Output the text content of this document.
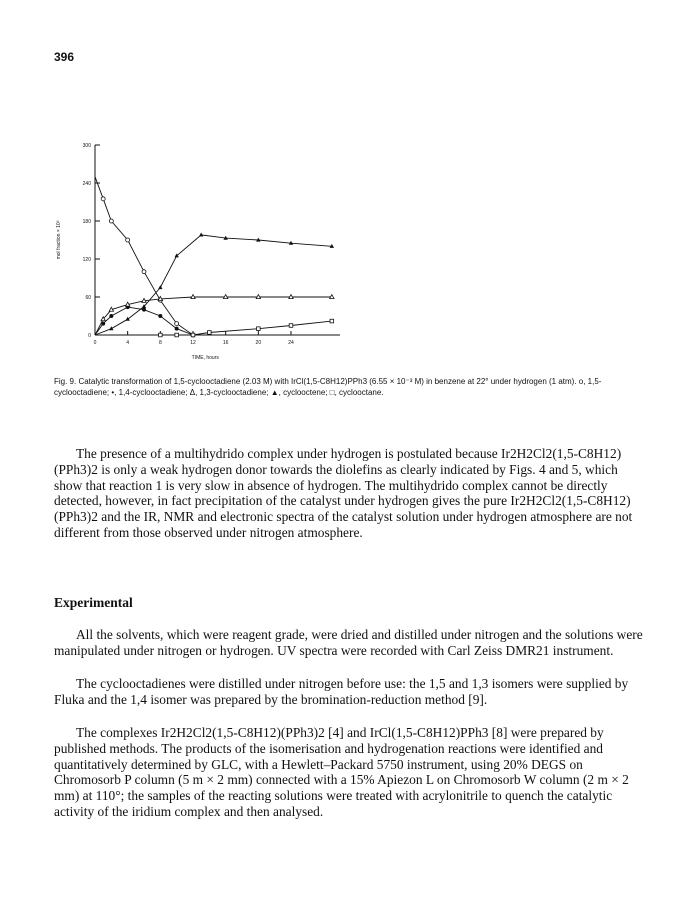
396
0
60
120
180
240
300
0	4	8	12	16	20	24
TIME, hours
mol fraction × 10³
Fig. 9. Catalytic transformation of 1,5-cyclooctadiene (2.03 M) with IrCl(1,5-C8H12)PPh3 (6.55 × 10⁻³ M) in benzene at 22° under hydrogen (1 atm). o, 1,5-cyclooctadiene; •, 1,4-cyclooctadiene; Δ, 1,3-cyclooctadiene; ▲, cyclooctene; □, cyclooctane.

The presence of a multihydrido complex under hydrogen is postulated because Ir2H2Cl2(1,5-C8H12)(PPh3)2 is only a weak hydrogen donor towards the diolefins as clearly indicated by Figs. 4 and 5, which show that reaction 1 is very slow in absence of hydrogen. The multihydrido complex cannot be directly detected, however, in fact precipitation of the catalyst under hydrogen gives the pure Ir2H2Cl2(1,5-C8H12)(PPh3)2 and the IR, NMR and electronic spectra of the catalyst solution under hydrogen atmosphere are not different from those observed under nitrogen atmosphere.

Experimental

All the solvents, which were reagent grade, were dried and distilled under nitrogen and the solutions were manipulated under nitrogen or hydrogen. UV spectra were recorded with Carl Zeiss DMR21 instrument.

The cyclooctadienes were distilled under nitrogen before use: the 1,5 and 1,3 isomers were supplied by Fluka and the 1,4 isomer was prepared by the bromination-reduction method [9].

The complexes Ir2H2Cl2(1,5-C8H12)(PPh3)2 [4] and IrCl(1,5-C8H12)PPh3 [8] were prepared by published methods. The products of the isomerisation and hydrogenation reactions were identified and quantitatively determined by GLC, with a Hewlett–Packard 5750 instrument, using 20% DEGS on Chromosorb P column (5 m × 2 mm) connected with a 15% Apiezon L on Chromosorb W column (2 m × 2 mm) at 110°; the samples of the reacting solutions were treated with acrylonitrile to quench the catalytic activity of the iridium complex and then analysed.
